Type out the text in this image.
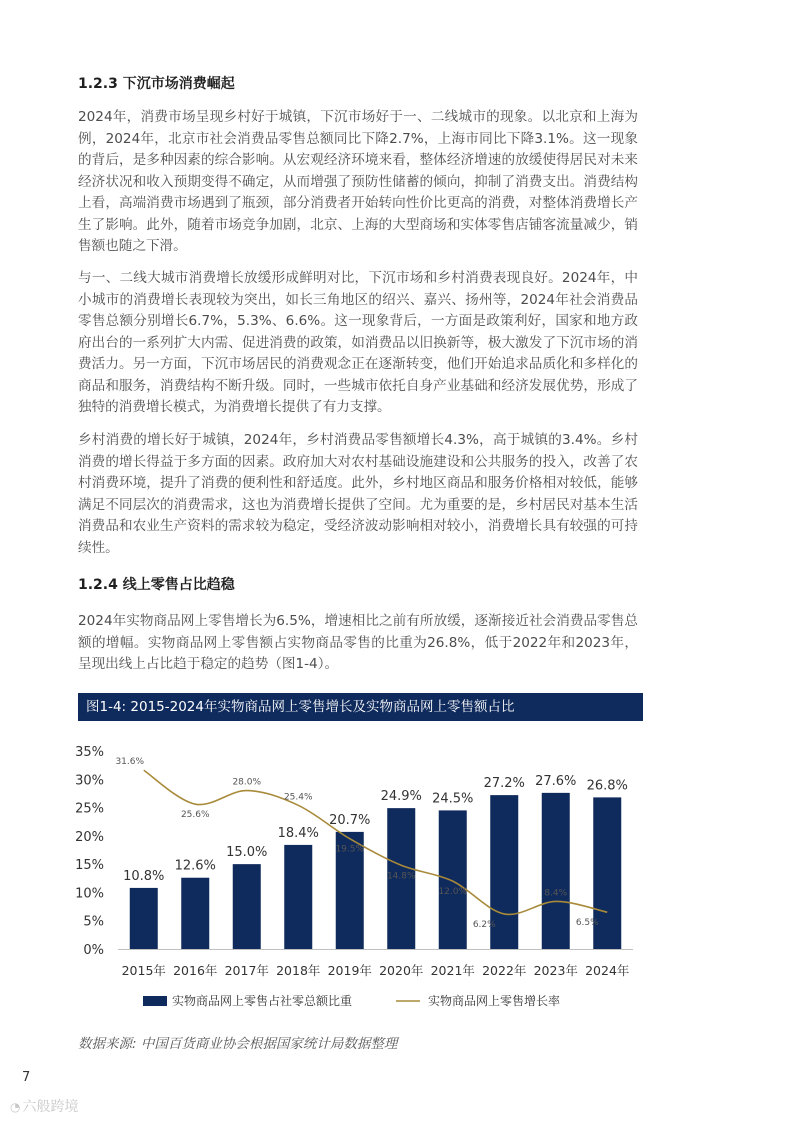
1.2.3 下沉市场消费崛起

2024年，消费市场呈现乡村好于城镇，下沉市场好于一、二线城市的现象。以北京和上海为例，2024年，北京市社会消费品零售总额同比下降2.7%，上海市同比下降3.1%。这一现象的背后，是多种因素的综合影响。从宏观经济环境来看，整体经济增速的放缓使得居民对未来经济状况和收入预期变得不确定，从而增强了预防性储蓄的倾向，抑制了消费支出。消费结构上看，高端消费市场遇到了瓶颈，部分消费者开始转向性价比更高的消费，对整体消费增长产生了影响。此外，随着市场竞争加剧，北京、上海的大型商场和实体零售店铺客流量减少，销售额也随之下滑。

与一、二线大城市消费增长放缓形成鲜明对比，下沉市场和乡村消费表现良好。2024年，中小城市的消费增长表现较为突出，如长三角地区的绍兴、嘉兴、扬州等，2024年社会消费品零售总额分别增长6.7%，5.3%、6.6%。这一现象背后，一方面是政策利好，国家和地方政府出台的一系列扩大内需、促进消费的政策，如消费品以旧换新等，极大激发了下沉市场的消费活力。另一方面，下沉市场居民的消费观念正在逐渐转变，他们开始追求品质化和多样化的商品和服务，消费结构不断升级。同时，一些城市依托自身产业基础和经济发展优势，形成了独特的消费增长模式，为消费增长提供了有力支撑。

乡村消费的增长好于城镇，2024年，乡村消费品零售额增长4.3%，高于城镇的3.4%。乡村消费的增长得益于多方面的因素。政府加大对农村基础设施建设和公共服务的投入，改善了农村消费环境，提升了消费的便利性和舒适度。此外，乡村地区商品和服务价格相对较低，能够满足不同层次的消费需求，这也为消费增长提供了空间。尤为重要的是，乡村居民对基本生活消费品和农业生产资料的需求较为稳定，受经济波动影响相对较小，消费增长具有较强的可持续性。

1.2.4 线上零售占比趋稳

2024年实物商品网上零售增长为6.5%，增速相比之前有所放缓，逐渐接近社会消费品零售总额的增幅。实物商品网上零售额占实物商品零售的比重为26.8%，低于2022年和2023年，呈现出线上占比趋于稳定的趋势（图1-4）。

图1-4: 2015-2024年实物商品网上零售增长及实物商品网上零售额占比
0%
5%
10%
15%
20%
25%
30%
35%
10.8%
12.6%
15.0%
18.4%
20.7%
24.9% 24.5%
27.2% 27.6% 26.8%
31.6%
25.6%
28.0%
25.4%
19.5%
14.8%
12.0%
6.2%
8.4%
6.5%
2015年 2016年 2017年 2018年 2019年 2020年 2021年 2022年 2023年 2024年
实物商品网上零售占社零总额比重	实物商品网上零售增长率
数据来源: 中国百货商业协会根据国家统计局数据整理
7
◔ 六般跨境
